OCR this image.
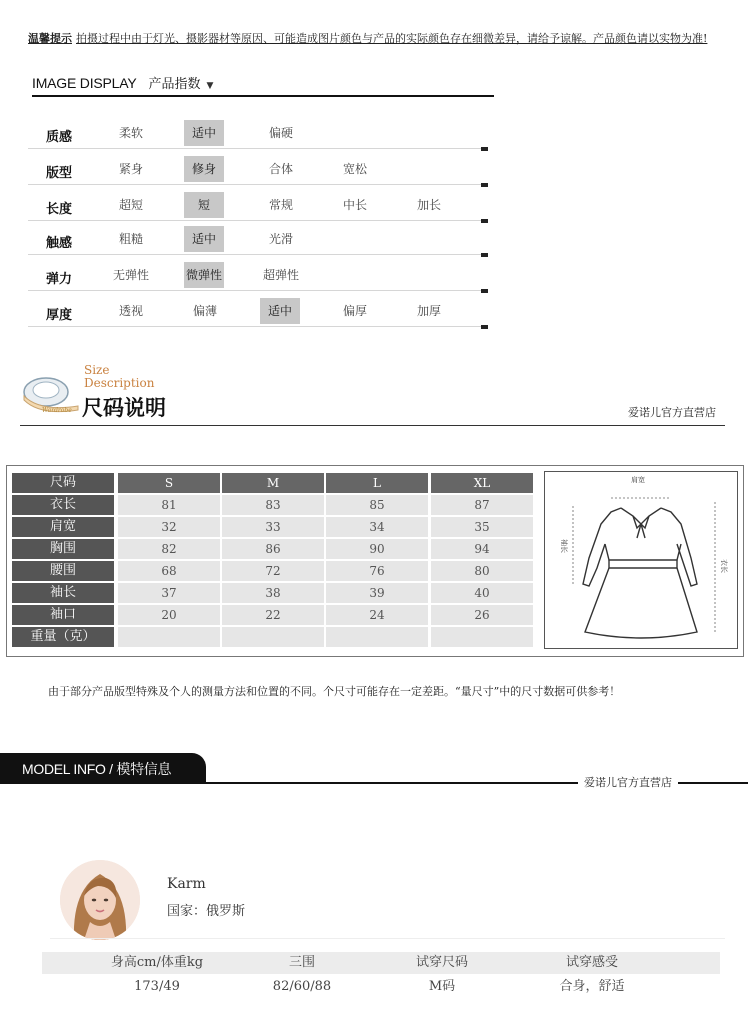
温馨提示 拍摄过程中由于灯光、摄影器材等原因、可能造成图片颜色与产品的实际颜色存在细微差异，请给予谅解。产品颜色请以实物为准!
IMAGE DISPLAY 产品指数 ▼
质感	柔软	适中	偏硬
版型	紧身	修身	合体	宽松
长度	超短	短	常规	中长	加长
触感	粗糙	适中	光滑
弹力	无弹性	微弹性	超弹性
厚度	透视	偏薄	适中	偏厚	加厚
Wardrobe
Size
Description
尺码说明	爱诺儿官方直营店
尺码	S	M	L	XL
衣长	81	83	85	87
肩宽	32	33	34	35
胸围	82	86	90	94
腰围	68	72	76	80
袖长	37	38	39	40
袖口	20	22	24	26
重量（克）
肩宽
袖长
衣长
由于部分产品版型特殊及个人的测量方法和位置的不同。个尺寸可能存在一定差距。“量尺寸”中的尺寸数据可供参考！
MODEL INFO / 模特信息
爱诺儿官方直营店
Karm
国家：俄罗斯
身高cm/体重kg	三围	试穿尺码	试穿感受
173/49	82/60/88	M码	合身，舒适
